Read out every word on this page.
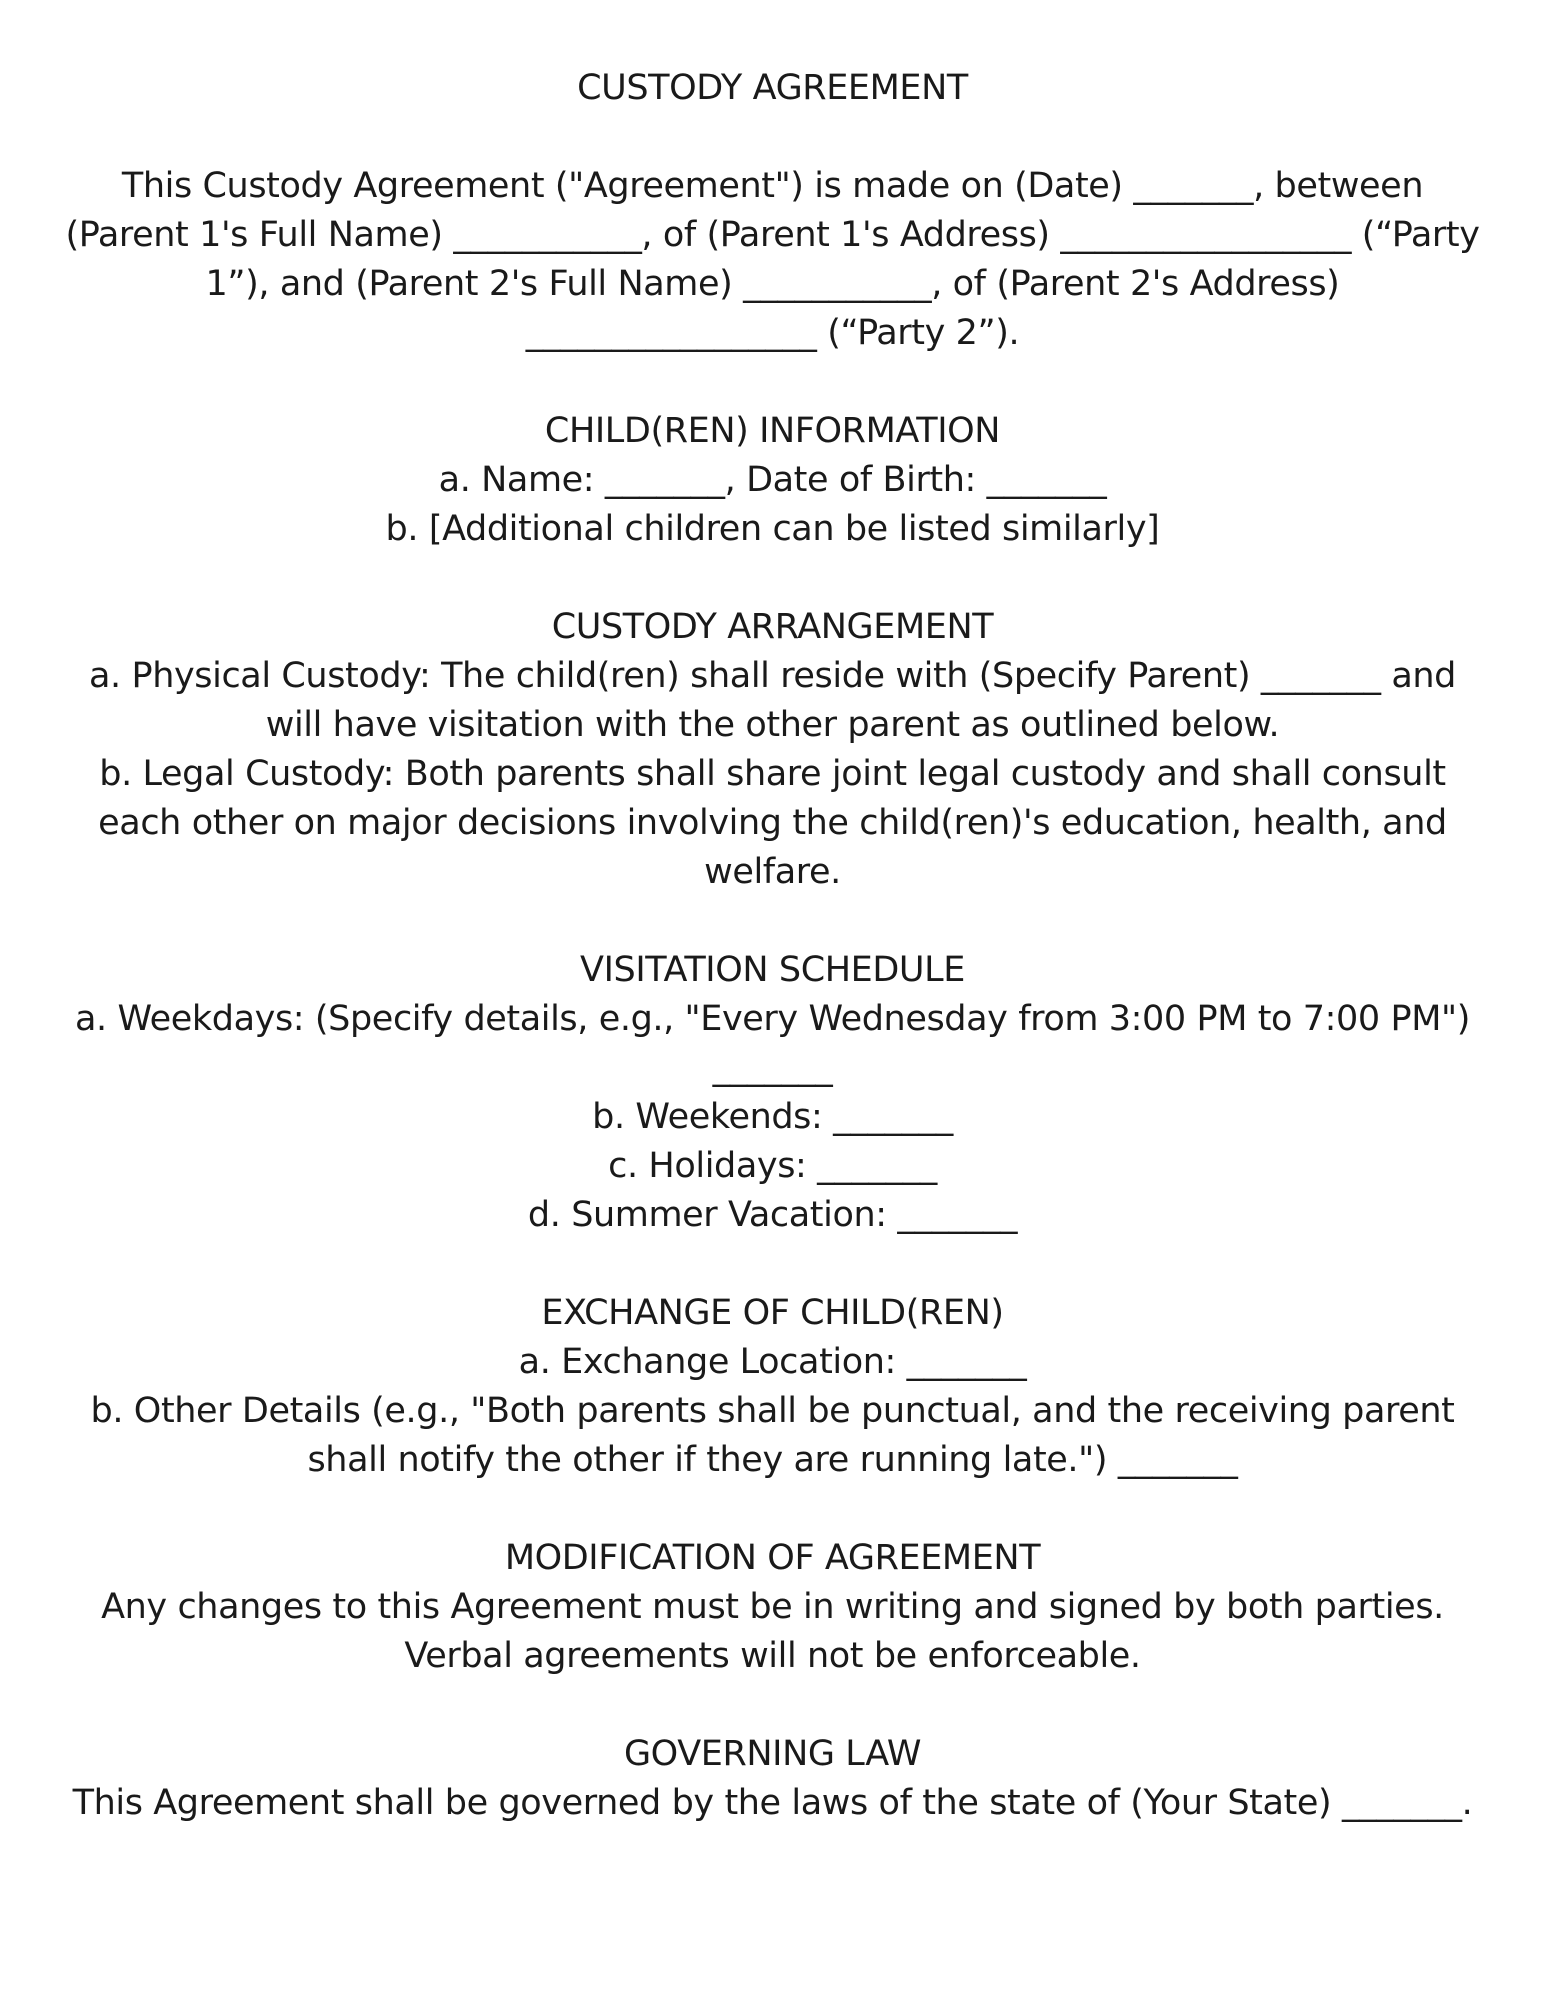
CUSTODY AGREEMENT

This Custody Agreement ("Agreement") is made on (Date) _______, between (Parent 1's Full Name) ___________, of (Parent 1's Address) _________________ (“Party 1”), and (Parent 2's Full Name) ___________, of (Parent 2's Address) _________________ (“Party 2”).

CHILD(REN) INFORMATION

a. Name: _______, Date of Birth: _______

b. [Additional children can be listed similarly]

CUSTODY ARRANGEMENT

a. Physical Custody: The child(ren) shall reside with (Specify Parent) _______ and will have visitation with the other parent as outlined below.

b. Legal Custody: Both parents shall share joint legal custody and shall consult each other on major decisions involving the child(ren)'s education, health, and welfare.

VISITATION SCHEDULE

a. Weekdays: (Specify details, e.g., "Every Wednesday from 3:00 PM to 7:00 PM") _______

b. Weekends: _______

c. Holidays: _______

d. Summer Vacation: _______

EXCHANGE OF CHILD(REN)

a. Exchange Location: _______

b. Other Details (e.g., "Both parents shall be punctual, and the receiving parent shall notify the other if they are running late.") _______

MODIFICATION OF AGREEMENT

Any changes to this Agreement must be in writing and signed by both parties. Verbal agreements will not be enforceable.

GOVERNING LAW

This Agreement shall be governed by the laws of the state of (Your State) _______.
